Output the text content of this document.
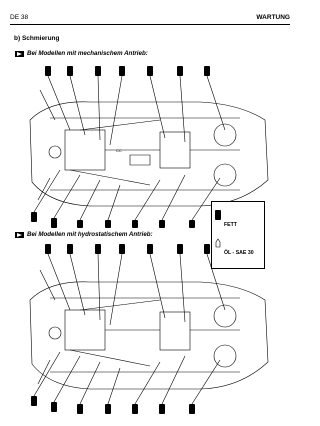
DE 38	WARTUNG
b) Schmierung
Bei Modellen mit mechanischem Antrieb:
CC
FETT
ÖL - SAE 30
Bei Modellen mit hydrostatischem Antrieb:
